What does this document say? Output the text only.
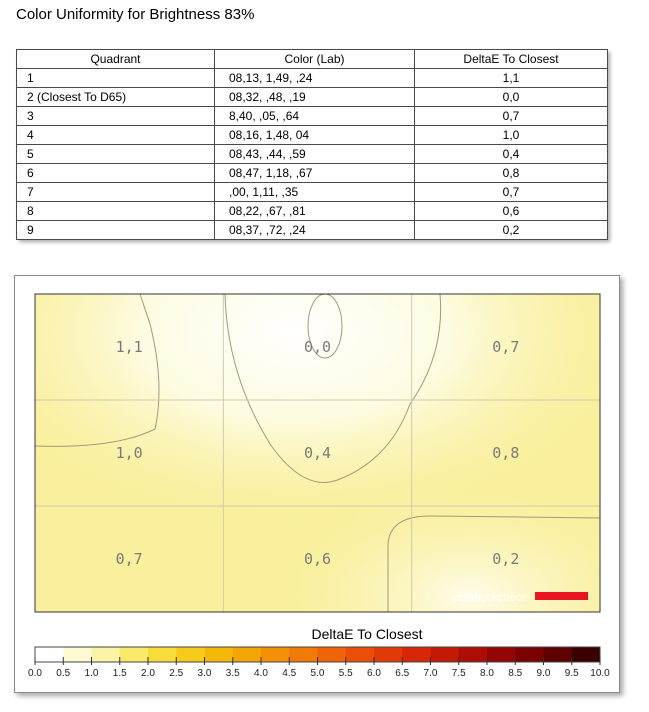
Color Uniformity for Brightness 83%
Quadrant	Color (Lab)	DeltaE To Closest
1	08,13, 1,49, ,24	1,1
2 (Closest To D65)	08,32, ,48, ,19	0,0
3	8,40, ,05, ,64	0,7
4	08,16, 1,48, 04	1,0
5	08,43, ,44, ,59	0,4
6	08,47, 1,18, ,67	0,8
7	,00, 1,11, ,35	0,7
8	08,22, ,67, ,81	0,6
9	08,37, ,72, ,24	0,2
1,1	0,0	0,7
1,0	0,4	0,8
0,7	0,6	0,2
notebookcheck
DeltaE To Closest
0.0 0.5 1.0 1.5 2.0 2.5 3.0 3.5 4.0 4.5 5.0 5.5 6.0 6.5 7.0 7.5 8.0 8.5 9.0 9.5 10.0
